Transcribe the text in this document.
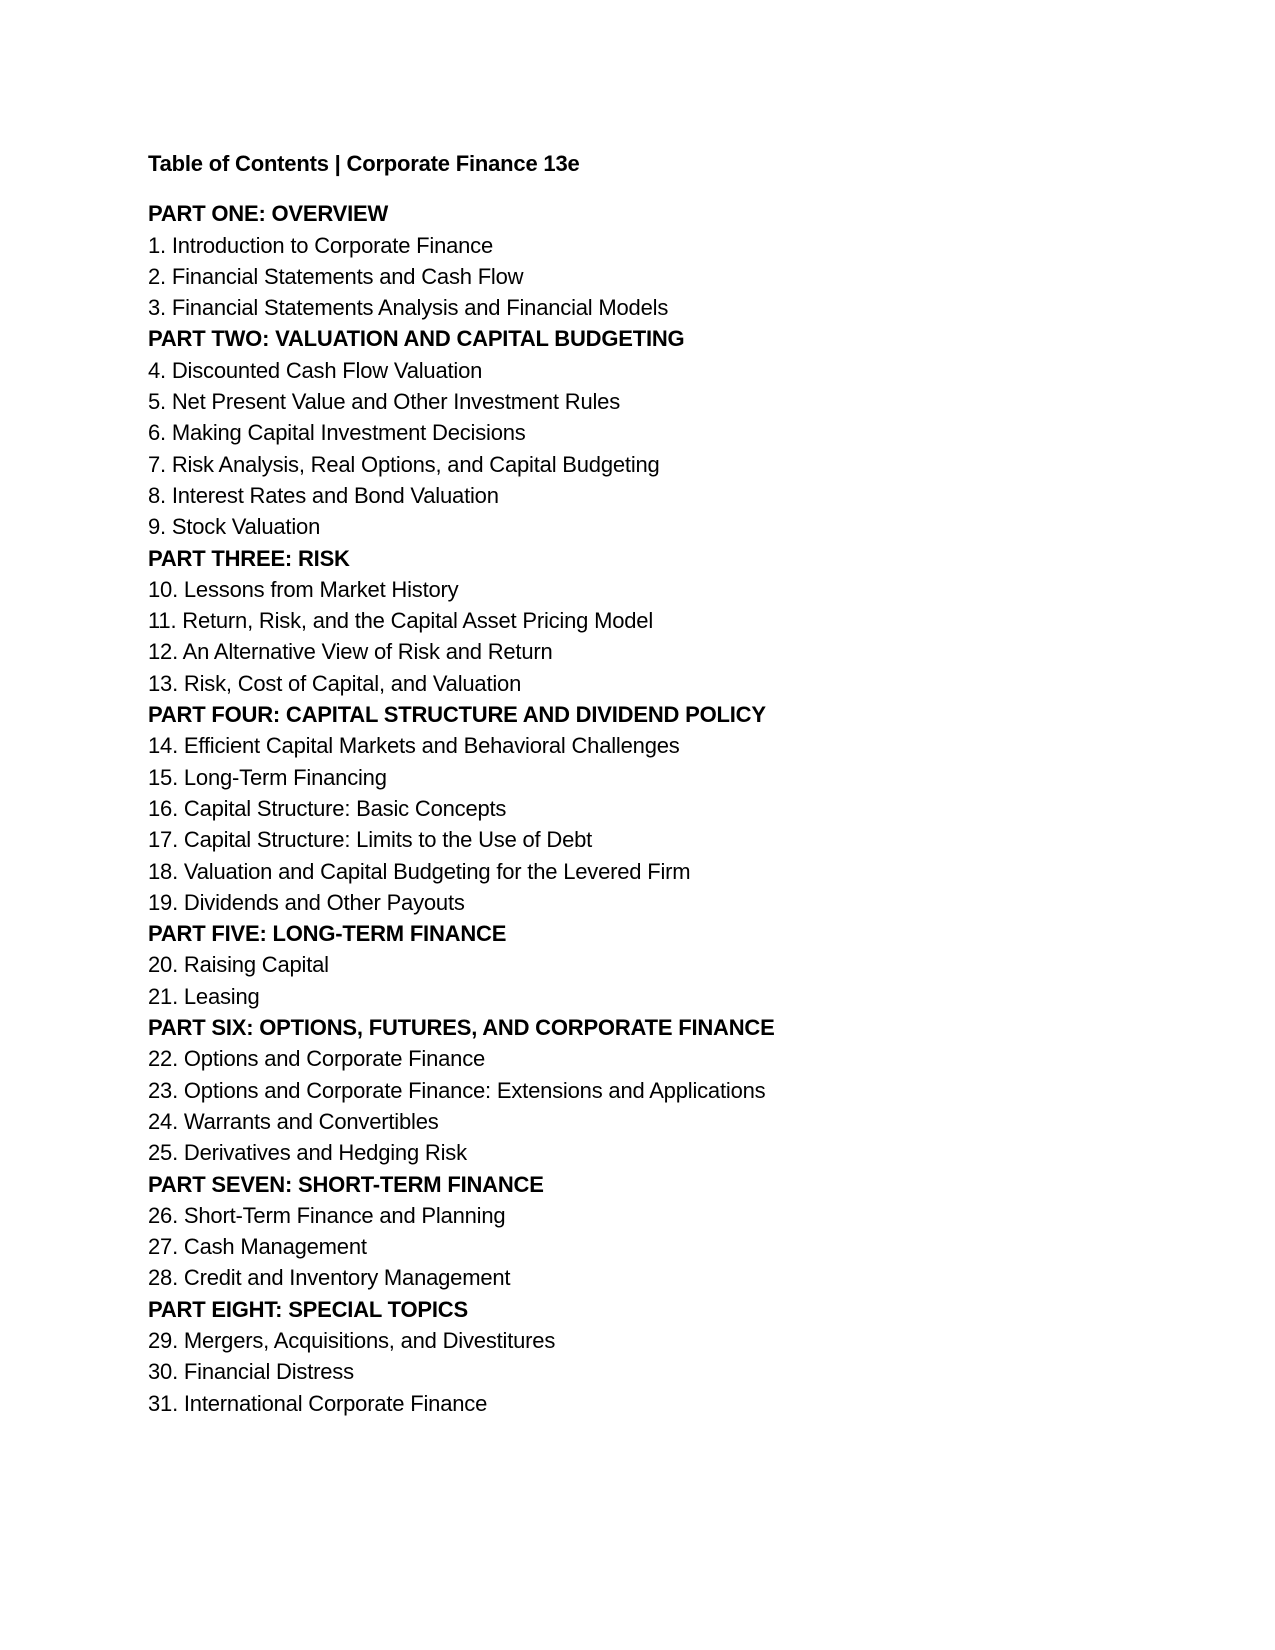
Table of Contents | Corporate Finance 13e
PART ONE: OVERVIEW
1. Introduction to Corporate Finance
2. Financial Statements and Cash Flow
3. Financial Statements Analysis and Financial Models
PART TWO: VALUATION AND CAPITAL BUDGETING
4. Discounted Cash Flow Valuation
5. Net Present Value and Other Investment Rules
6. Making Capital Investment Decisions
7. Risk Analysis, Real Options, and Capital Budgeting
8. Interest Rates and Bond Valuation
9. Stock Valuation
PART THREE: RISK
10. Lessons from Market History
11. Return, Risk, and the Capital Asset Pricing Model
12. An Alternative View of Risk and Return
13. Risk, Cost of Capital, and Valuation
PART FOUR: CAPITAL STRUCTURE AND DIVIDEND POLICY
14. Efficient Capital Markets and Behavioral Challenges
15. Long-Term Financing
16. Capital Structure: Basic Concepts
17. Capital Structure: Limits to the Use of Debt
18. Valuation and Capital Budgeting for the Levered Firm
19. Dividends and Other Payouts
PART FIVE: LONG-TERM FINANCE
20. Raising Capital
21. Leasing
PART SIX: OPTIONS, FUTURES, AND CORPORATE FINANCE
22. Options and Corporate Finance
23. Options and Corporate Finance: Extensions and Applications
24. Warrants and Convertibles
25. Derivatives and Hedging Risk
PART SEVEN: SHORT-TERM FINANCE
26. Short-Term Finance and Planning
27. Cash Management
28. Credit and Inventory Management
PART EIGHT: SPECIAL TOPICS
29. Mergers, Acquisitions, and Divestitures
30. Financial Distress
31. International Corporate Finance
